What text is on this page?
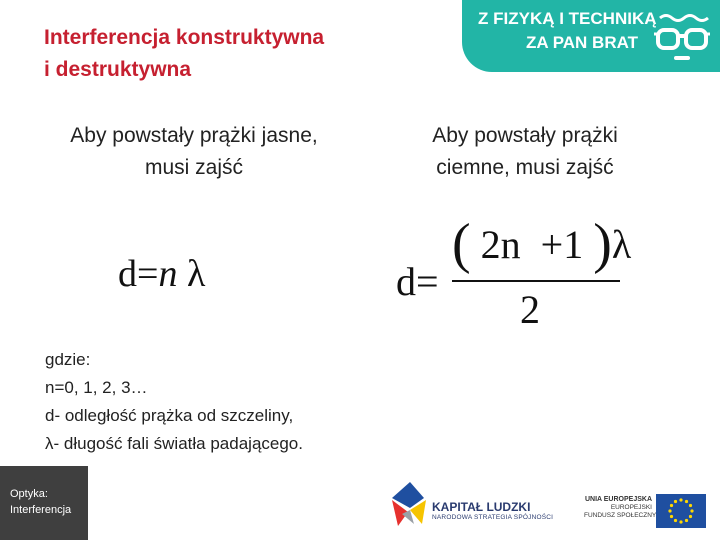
Interferencja konstruktywna
i destruktywna
Z FIZYKĄ I TECHNIKĄ
ZA PAN BRAT
Aby powstały prążki jasne,
musi zajść
Aby powstały prążki
ciemne, musi zajść
d=n λ	d=
( 2n +1 )λ
2
gdzie:
n=0, 1, 2, 3…
d- odległość prążka od szczeliny,
λ- długość fali światła padającego.
Optyka:
Interferencja	KAPITAŁ LUDZKI
NARODOWA STRATEGIA SPÓJNOŚCI
UNIA EUROPEJSKA
EUROPEJSKI
FUNDUSZ SPOŁECZNY
